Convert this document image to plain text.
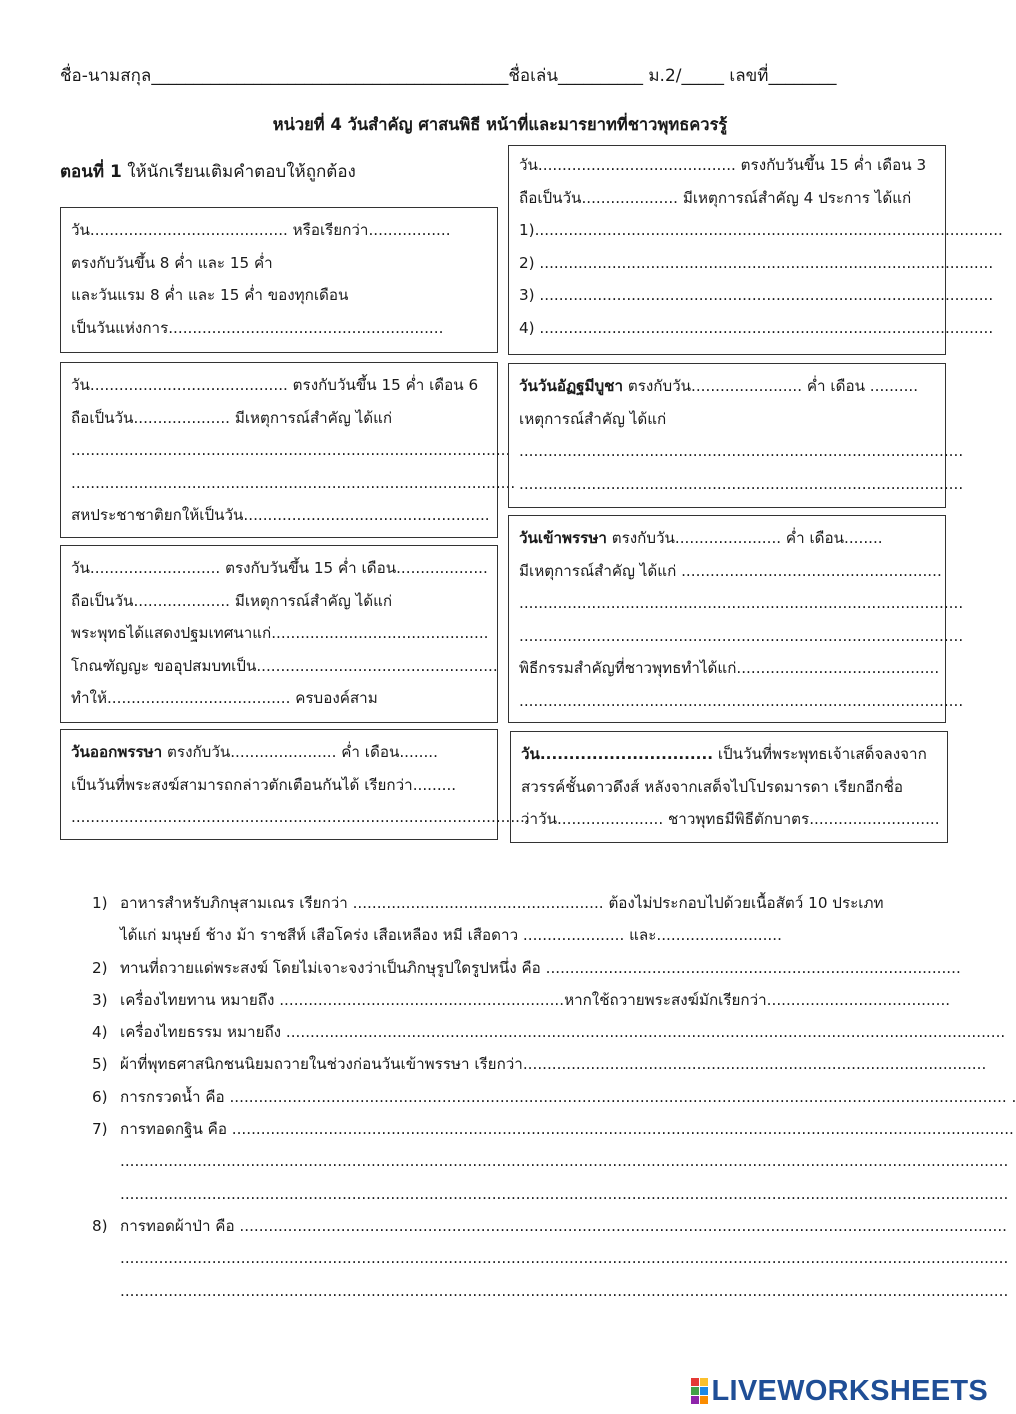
ชื่อ-นามสกุล__________________________________________ชื่อเล่น__________ ม.2/_____ เลขที่________
หน่วยที่ 4 วันสำคัญ ศาสนพิธี หน้าที่และมารยาทที่ชาวพุทธควรรู้
ตอนที่ 1 ให้นักเรียนเติมคำตอบให้ถูกต้อง
วัน......................................... หรือเรียกว่า.................
ตรงกับวันขึ้น 8 ค่ำ และ 15 ค่ำ
และวันแรม 8 ค่ำ และ 15 ค่ำ ของทุกเดือน
เป็นวันแห่งการ.........................................................
วัน......................................... ตรงกับวันขึ้น 15 ค่ำ เดือน 6
ถือเป็นวัน.................... มีเหตุการณ์สำคัญ ได้แก่
...........................................................................................
............................................................................................
สหประชาชาติยกให้เป็นวัน...................................................
วัน........................... ตรงกับวันขึ้น 15 ค่ำ เดือน...................
ถือเป็นวัน.................... มีเหตุการณ์สำคัญ ได้แก่
พระพุทธได้แสดงปฐมเทศนาแก่.............................................
โกณฑัญญะ ขออุปสมบทเป็น..................................................
ทำให้...................................... ครบองค์สาม
วันออกพรรษา ตรงกับวัน...................... ค่ำ เดือน........
เป็นวันที่พระสงฆ์สามารถกล่าวตักเตือนกันได้ เรียกว่า.........
...............................................................................................
วัน......................................... ตรงกับวันขึ้น 15 ค่ำ เดือน 3
ถือเป็นวัน.................... มีเหตุการณ์สำคัญ 4 ประการ ได้แก่
1).................................................................................................
2) ..............................................................................................
3) ..............................................................................................
4) ..............................................................................................
วันวันอัฏฐมีบูชา ตรงกับวัน....................... ค่ำ เดือน ..........
เหตุการณ์สำคัญ ได้แก่
............................................................................................
............................................................................................
วันเข้าพรรษา ตรงกับวัน...................... ค่ำ เดือน........
มีเหตุการณ์สำคัญ ได้แก่ ......................................................
............................................................................................
............................................................................................
พิธีกรรมสำคัญที่ชาวพุทธทำได้แก่..........................................
............................................................................................
วัน.............................. เป็นวันที่พระพุทธเจ้าเสด็จลงจาก
สวรรค์ชั้นดาวดึงส์ หลังจากเสด็จไปโปรดมารดา เรียกอีกชื่อ
ว่าวัน...................... ชาวพุทธมีพิธีตักบาตร...........................
1) อาหารสำหรับภิกษุสามเณร เรียกว่า .................................................... ต้องไม่ประกอบไปด้วยเนื้อสัตว์ 10 ประเภท
ได้แก่ มนุษย์ ช้าง ม้า ราชสีห์ เสือโคร่ง เสือเหลือง หมี เสือดาว ..................... และ..........................
2) ทานที่ถวายแด่พระสงฆ์ โดยไม่เจาะจงว่าเป็นภิกษุรูปใดรูปหนึ่ง คือ ......................................................................................
3) เครื่องไทยทาน หมายถึง ...........................................................หากใช้ถวายพระสงฆ์มักเรียกว่า......................................
4) เครื่องไทยธรรม หมายถึง .....................................................................................................................................................
5) ผ้าที่พุทธศาสนิกชนนิยมถวายในช่วงก่อนวันเข้าพรรษา เรียกว่า................................................................................................
6) การกรวดน้ำ คือ ................................................................................................................................................................. .
7) การทอดกฐิน คือ ..................................................................................................................................................................
........................................................................................................................................................................................
........................................................................................................................................................................................
8) การทอดผ้าป่า คือ ...............................................................................................................................................................
........................................................................................................................................................................................
........................................................................................................................................................................................
LIVEWORKSHEETS
